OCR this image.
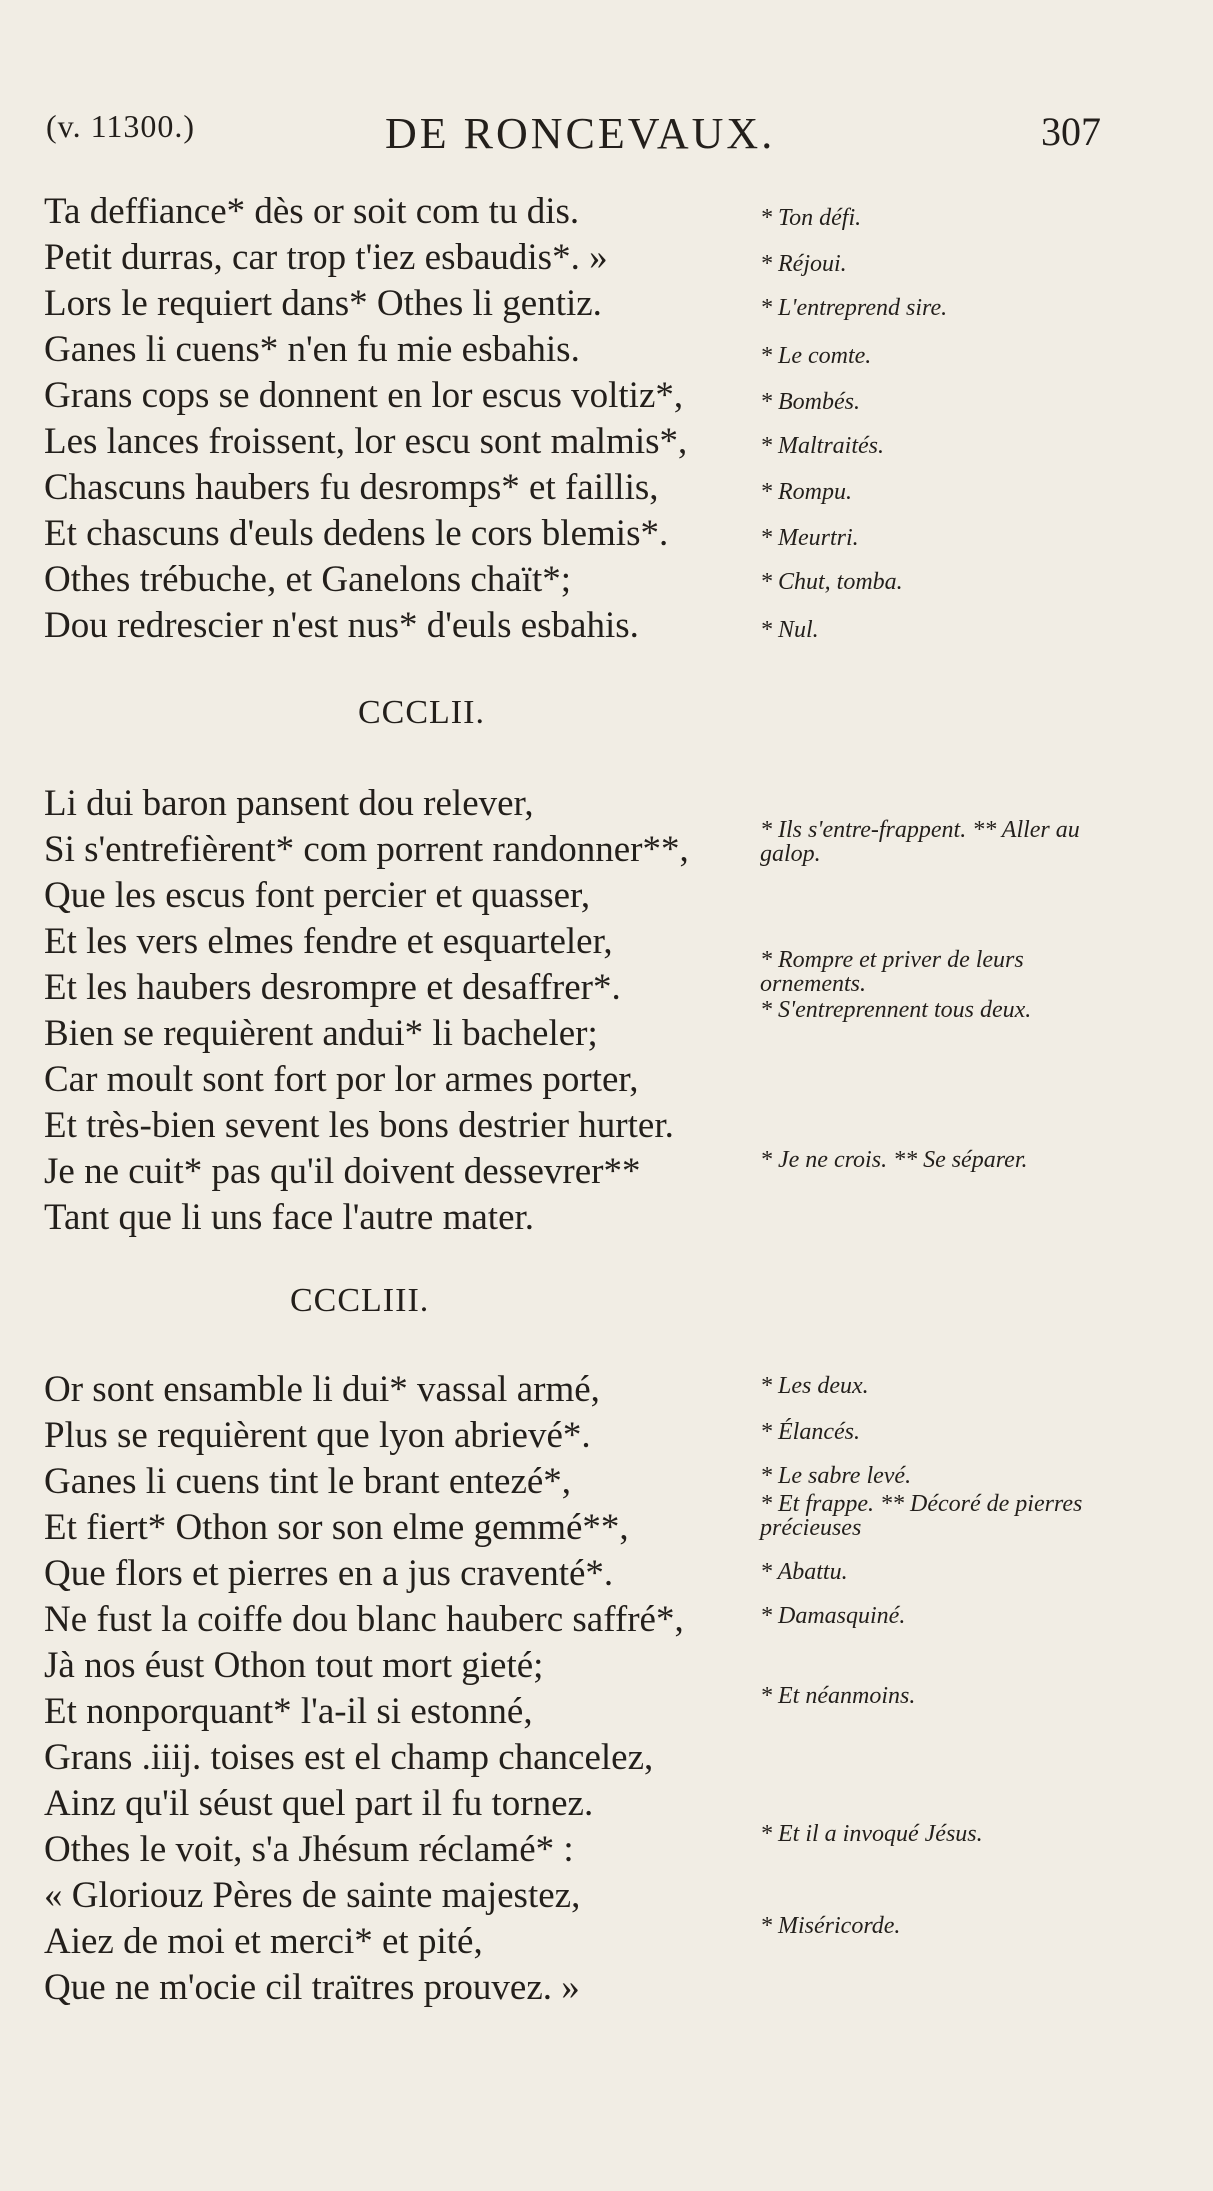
(v. 11300.)	DE RONCEVAUX.	307
Ta deffiance* dès or soit com tu dis.
Petit durras, car trop t'iez esbaudis*. »
Lors le requiert dans* Othes li gentiz.
Ganes li cuens* n'en fu mie esbahis.
Grans cops se donnent en lor escus voltiz*,
Les lances froissent, lor escu sont malmis*,
Chascuns haubers fu desromps* et faillis,
Et chascuns d'euls dedens le cors blemis*.
Othes trébuche, et Ganelons chaït*;
Dou redrescier n'est nus* d'euls esbahis.
* Ton défi.
* Réjoui.
* L'entreprend sire.
* Le comte.
* Bombés.
* Maltraités.
* Rompu.
* Meurtri.
* Chut, tomba.
* Nul.
CCCLII.
Li dui baron pansent dou relever,
Si s'entrefièrent* com porrent randonner**,
Que les escus font percier et quasser,
Et les vers elmes fendre et esquarteler,
Et les haubers desrompre et desaffrer*.
Bien se requièrent andui* li bacheler;
Car moult sont fort por lor armes porter,
Et très-bien sevent les bons destrier hurter.
Je ne cuit* pas qu'il doivent dessevrer**
Tant que li uns face l'autre mater.
* Ils s'entre-frappent. ** Aller au galop.
* Rompre et priver de leurs ornements.
* S'entreprennent tous deux.
* Je ne crois. ** Se séparer.
CCCLIII.
Or sont ensamble li dui* vassal armé,
Plus se requièrent que lyon abrievé*.
Ganes li cuens tint le brant entezé*,
Et fiert* Othon sor son elme gemmé**,
Que flors et pierres en a jus craventé*.
Ne fust la coiffe dou blanc hauberc saffré*,
Jà nos éust Othon tout mort gieté;
Et nonporquant* l'a-il si estonné,
Grans .iiij. toises est el champ chancelez,
Ainz qu'il séust quel part il fu tornez.
Othes le voit, s'a Jhésum réclamé* :
« Gloriouz Pères de sainte majestez,
Aiez de moi et merci* et pité,
Que ne m'ocie cil traïtres prouvez. »
* Les deux.
* Élancés.
* Le sabre levé.
* Et frappe. ** Décoré de pierres précieuses
* Abattu.
* Damasquiné.
* Et néanmoins.
* Et il a invoqué Jésus.
* Miséricorde.
